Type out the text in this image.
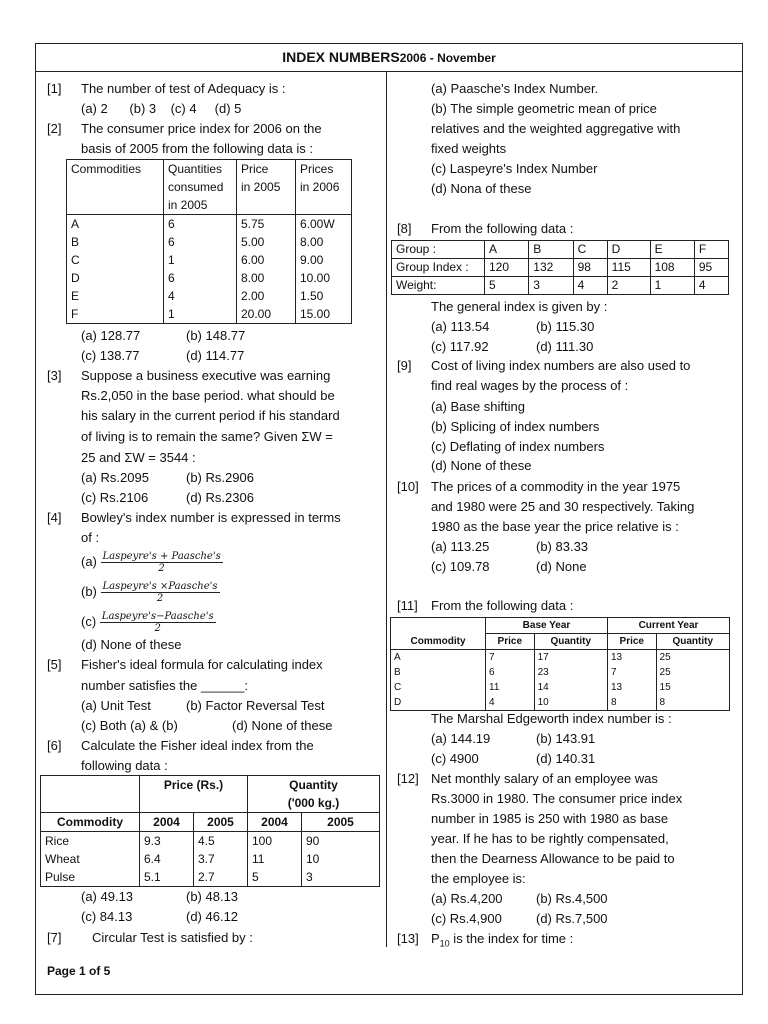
INDEX NUMBERS2006 - November
[1] The number of test of Adequacy is :
(a) 2      (b) 3    (c) 4     (d) 5
[2] The consumer price index for 2006 on the
basis of 2005 from the following data is :
Commodities	Quantities
consumed
in 2005	Price
in 2005	Prices
in 2006
A	6	5.75	6.00W
B	6	5.00	8.00
C	1	6.00	9.00
D	6	8.00	10.00
E	4	2.00	1.50
F	1	20.00	15.00
(a) 128.77	(b) 148.77
(c) 138.77	(d) 114.77
[3] Suppose a business executive was earning
Rs.2,050 in the base period. what should be
his salary in the current period if his standard
of living is to remain the same? Given ΣW =
25 and ΣW = 3544 :
(a) Rs.2095	(b) Rs.2906
(c) Rs.2106	(d) Rs.2306
[4] Bowley's index number is expressed in terms
of :
$(a) \frac{\text{Laspeyre's + Paasche's}}{2}$
$(b) \frac{\text{Laspeyre's ×Paasche's}}{2}$
$(c) \frac{\text{Laspeyre's−Paasche's}}{2}$
(d) None of these
[5] Fisher's ideal formula for calculating index
number satisfies the ______:
(a) Unit Test	(b) Factor Reversal Test
(c) Both (a) & (b)	(d) None of these
[6] Calculate the Fisher ideal index from the
following data :
	Price (Rs.)		Quantity
('000 kg.)	

Commodity	2004	2005	2004	2005
Rice	9.3	4.5	100	90
Wheat	6.4	3.7	11	10
Pulse	5.1	2.7	5	3
(a) 49.13	(b) 48.13
(c) 84.13	(d) 46.12
[7] Circular Test is satisfied by :
(a) Paasche's Index Number.
(b) The simple geometric mean of price
relatives and the weighted aggregative with
fixed weights
(c) Laspeyre's Index Number
(d) Nona of these
[8] From the following data :
Group :	A	B	C	D	E	F
Group Index :	120	132	98	115	108	95
Weight:	5	3	4	2	1	4
The general index is given by :
(a) 113.54	(b) 115.30
(c) 117.92	(d) 111.30
[9] Cost of living index numbers are also used to
find real wages by the process of :
(a) Base shifting
(b) Splicing of index numbers
(c) Deflating of index numbers
(d) None of these
[10] The prices of a commodity in the year 1975
and 1980 were 25 and 30 respectively. Taking
1980 as the base year the price relative is :
(a) 113.25	(b) 83.33
(c) 109.78	(d) None
[11] From the following data :
Commodity	Base Year		Current Year	
	Price	Quantity	Price	Quantity
A	7	17	13	25
B	6	23	7	25
C	11	14	13	15
D	4	10	8	8
The Marshal Edgeworth index number is :
(a) 144.19	(b) 143.91
(c) 4900	(d) 140.31
[12] Net monthly salary of an employee was
Rs.3000 in 1980. The consumer price index
number in 1985 is 250 with 1980 as base
year. If he has to be rightly compensated,
then the Dearness Allowance to be paid to
the employee is:
(a) Rs.4,200	(b) Rs.4,500
(c) Rs.4,900	(d) Rs.7,500
[13] $P_{10}$ is the index for time :
Page 1 of 5
